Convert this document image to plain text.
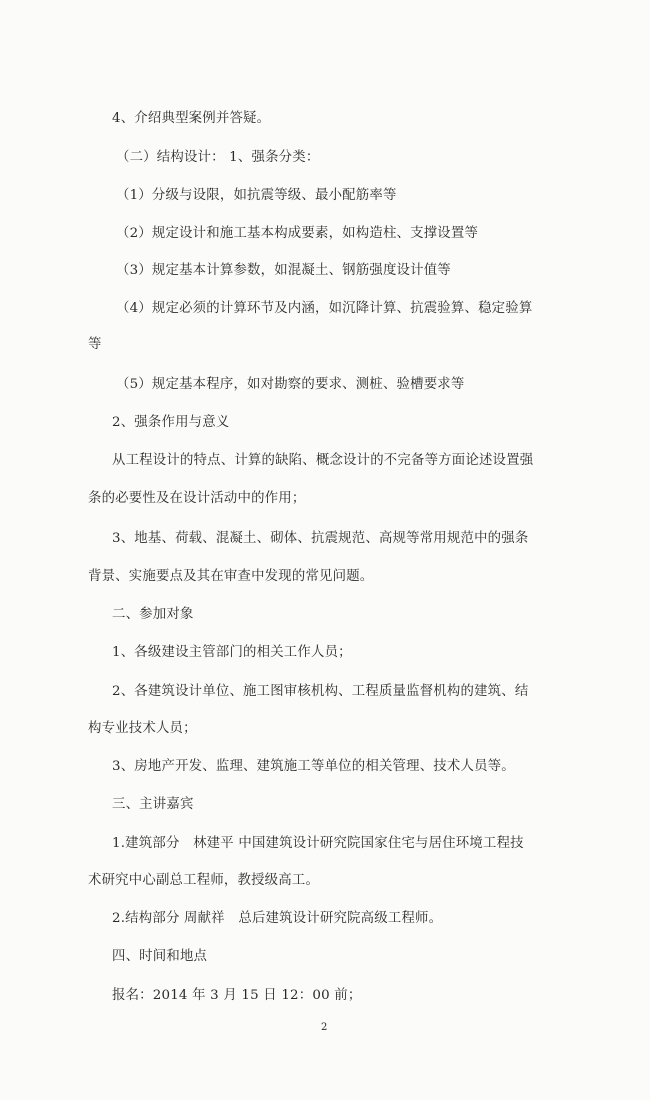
4、介绍典型案例并答疑。
（二）结构设计： 1、强条分类：
（1）分级与设限，如抗震等级、最小配筋率等
（2）规定设计和施工基本构成要素，如构造柱、支撑设置等
（3）规定基本计算参数，如混凝土、钢筋强度设计值等
（4）规定必须的计算环节及内涵，如沉降计算、抗震验算、稳定验算
等
（5）规定基本程序，如对勘察的要求、测桩、验槽要求等
2、强条作用与意义
从工程设计的特点、计算的缺陷、概念设计的不完备等方面论述设置强
条的必要性及在设计活动中的作用；
3、地基、荷载、混凝土、砌体、抗震规范、高规等常用规范中的强条
背景、实施要点及其在审查中发现的常见问题。
二、参加对象
1、各级建设主管部门的相关工作人员；
2、各建筑设计单位、施工图审核机构、工程质量监督机构的建筑、结
构专业技术人员；
3、房地产开发、监理、建筑施工等单位的相关管理、技术人员等。
三、主讲嘉宾
1.建筑部分　林建平 中国建筑设计研究院国家住宅与居住环境工程技
术研究中心副总工程师，教授级高工。
2.结构部分 周献祥　总后建筑设计研究院高级工程师。
四、时间和地点
报名：2014 年 3 月 15 日 12：00 前；
2
